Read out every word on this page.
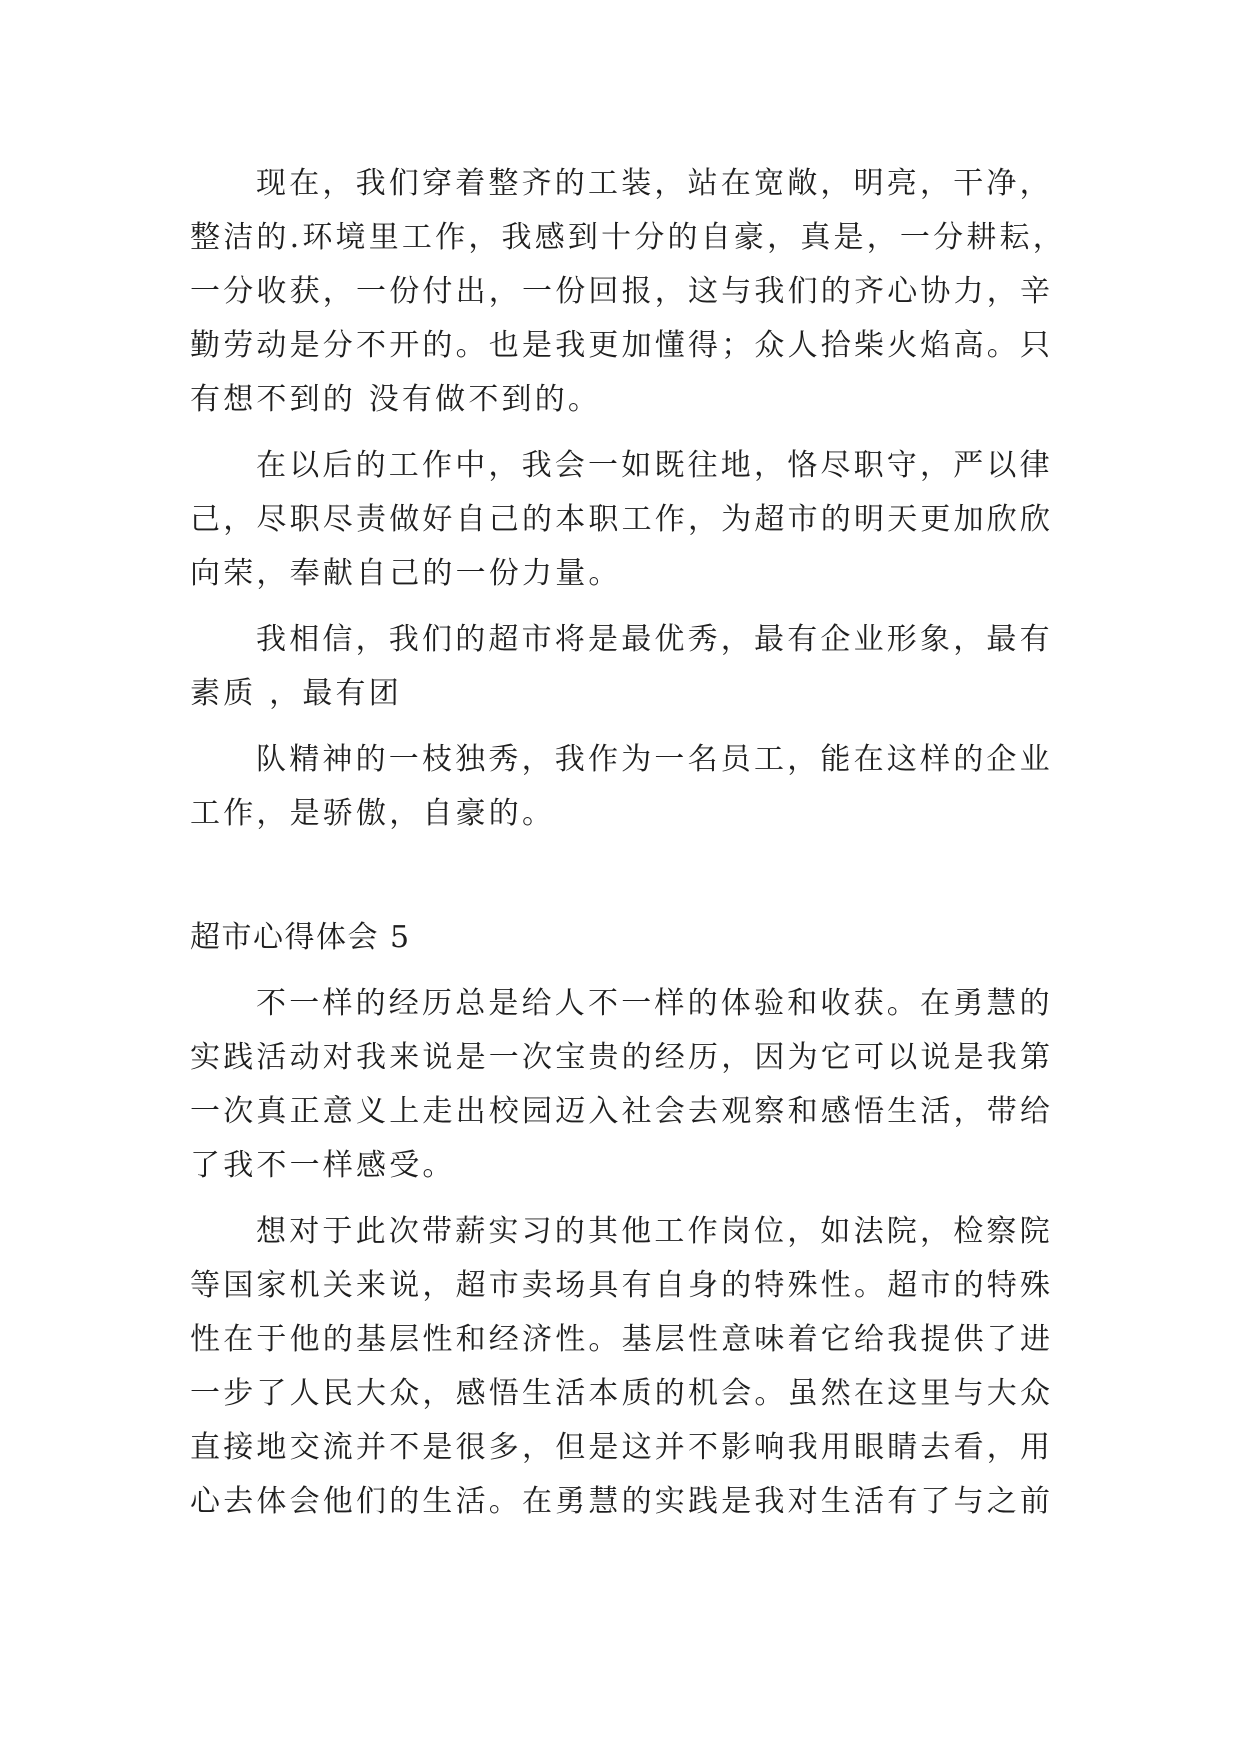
现在，我们穿着整齐的工装，站在宽敞，明亮，干净，
整洁的.环境里工作，我感到十分的自豪，真是，一分耕耘，
一分收获，一份付出，一份回报，这与我们的齐心协力，辛
勤劳动是分不开的。也是我更加懂得；众人拾柴火焰高。只
有想不到的 没有做不到的。
在以后的工作中，我会一如既往地，恪尽职守，严以律
己，尽职尽责做好自己的本职工作，为超市的明天更加欣欣
向荣，奉献自己的一份力量。
我相信，我们的超市将是最优秀，最有企业形象，最有
素质 ，最有团
队精神的一枝独秀，我作为一名员工，能在这样的企业
工作，是骄傲，自豪的。
超市心得体会 5
不一样的经历总是给人不一样的体验和收获。在勇慧的
实践活动对我来说是一次宝贵的经历，因为它可以说是我第
一次真正意义上走出校园迈入社会去观察和感悟生活，带给
了我不一样感受。
想对于此次带薪实习的其他工作岗位，如法院，检察院
等国家机关来说，超市卖场具有自身的特殊性。超市的特殊
性在于他的基层性和经济性。基层性意味着它给我提供了进
一步了人民大众，感悟生活本质的机会。虽然在这里与大众
直接地交流并不是很多，但是这并不影响我用眼睛去看，用
心去体会他们的生活。在勇慧的实践是我对生活有了与之前
